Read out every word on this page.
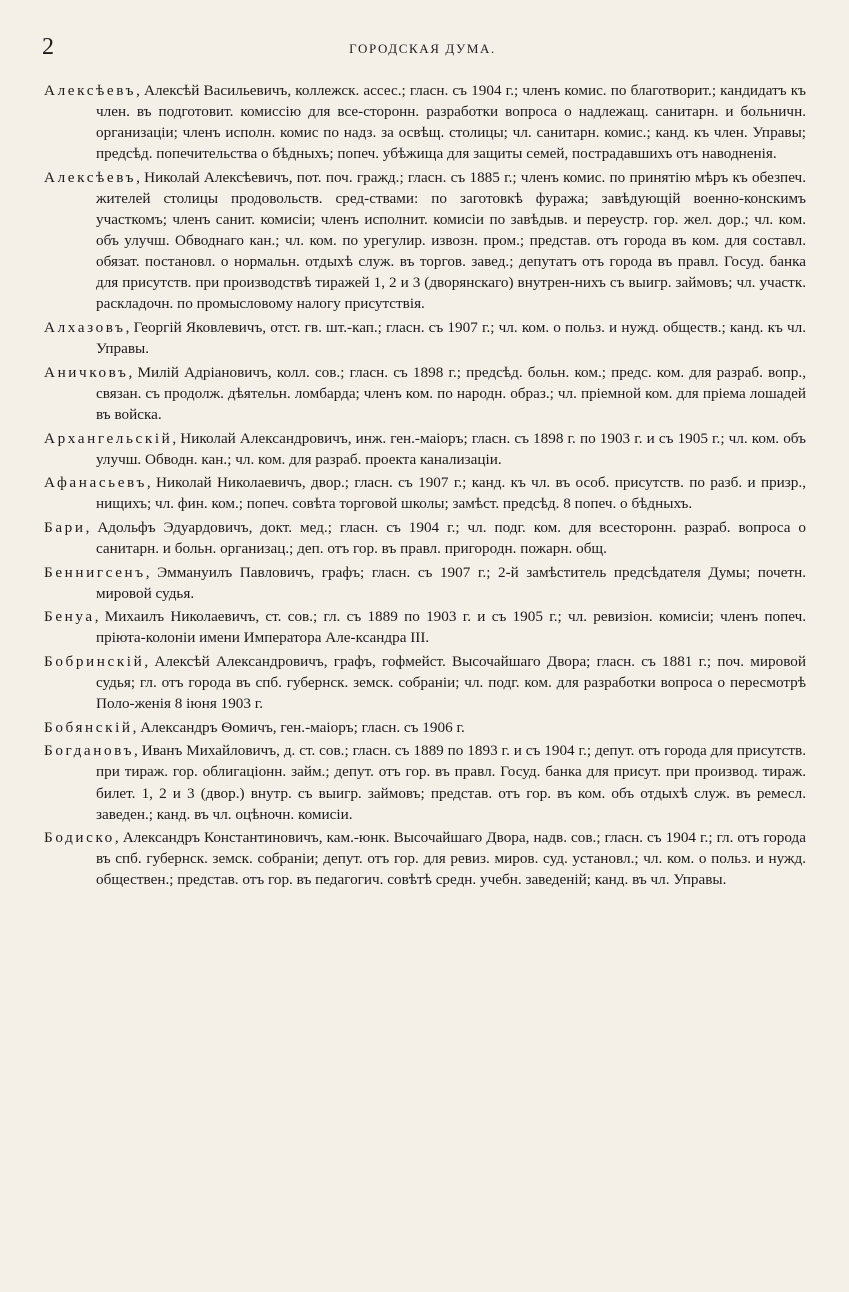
2	ГОРОДСКАЯ ДУМА.

Алексѣевъ, Алексѣй Васильевичъ, коллежск. ассес.; гласн. съ 1904 г.; членъ комис. по благотворит.; кандидатъ къ член. въ подготовит. комиссію для все-сторонн. разработки вопроса о надлежащ. санитарн. и больничн. организаціи; членъ исполн. комис по надз. за освѣщ. столицы; чл. санитарн. комис.; канд. къ член. Управы; предсѣд. попечительства о бѣдныхъ; попеч. убѣжища для защиты семей, пострадавшихъ отъ наводненія.

Алексѣевъ, Николай Алексѣевичъ, пот. поч. гражд.; гласн. съ 1885 г.; членъ комис. по принятію мѣръ къ обезпеч. жителей столицы продовольств. сред-ствами: по заготовкѣ фуража; завѣдующій военно-конскимъ участкомъ; членъ санит. комисіи; членъ исполнит. комисіи по завѣдыв. и переустр. гор. жел. дор.; чл. ком. объ улучш. Обводнаго кан.; чл. ком. по урегулир. извозн. пром.; представ. отъ города въ ком. для составл. обязат. постановл. о нормальн. отдыхѣ служ. въ торгов. завед.; депутатъ отъ города въ правл. Госуд. банка для присутств. при производствѣ тиражей 1, 2 и 3 (дворянскаго) внутрен-нихъ съ выигр. займовъ; чл. участк. раскладочн. по промысловому налогу присутствія.

Алхазовъ, Георгій Яковлевичъ, отст. гв. шт.-кап.; гласн. съ 1907 г.; чл. ком. о польз. и нужд. обществ.; канд. къ чл. Управы.

Аничковъ, Милій Адріановичъ, колл. сов.; гласн. съ 1898 г.; предсѣд. больн. ком.; предс. ком. для разраб. вопр., связан. съ продолж. дѣятельн. ломбарда; членъ ком. по народн. образ.; чл. пріемной ком. для пріема лошадей въ войска.

Архангельскій, Николай Александровичъ, инж. ген.-маіоръ; гласн. съ 1898 г. по 1903 г. и съ 1905 г.; чл. ком. объ улучш. Обводн. кан.; чл. ком. для разраб. проекта канализаціи.

Афанасьевъ, Николай Николаевичъ, двор.; гласн. съ 1907 г.; канд. къ чл. въ особ. присутств. по разб. и призр., нищихъ; чл. фин. ком.; попеч. совѣта торговой школы; замѣст. предсѣд. 8 попеч. о бѣдныхъ.

Бари, Адольфъ Эдуардовичъ, докт. мед.; гласн. съ 1904 г.; чл. подг. ком. для всесторонн. разраб. вопроса о санитарн. и больн. организац.; деп. отъ гор. въ правл. пригородн. пожарн. общ.

Беннигсенъ, Эммануилъ Павловичъ, графъ; гласн. съ 1907 г.; 2-й замѣститель предсѣдателя Думы; почетн. мировой судья.

Бенуа, Михаилъ Николаевичъ, ст. сов.; гл. съ 1889 по 1903 г. и съ 1905 г.; чл. ревизіон. комисіи; членъ попеч. пріюта-колоніи имени Императора Але-ксандра III.

Бобринскій, Алексѣй Александровичъ, графъ, гофмейст. Высочайшаго Двора; гласн. съ 1881 г.; поч. мировой судья; гл. отъ города въ спб. губернск. земск. собраніи; чл. подг. ком. для разработки вопроса о пересмотрѣ Поло-женія 8 іюня 1903 г.

Бобянскій, Александръ Ѳомичъ, ген.-маіоръ; гласн. съ 1906 г.

Богдановъ, Иванъ Михайловичъ, д. ст. сов.; гласн. съ 1889 по 1893 г. и съ 1904 г.; депут. отъ города для присутств. при тираж. гор. облигаціонн. займ.; депут. отъ гор. въ правл. Госуд. банка для присут. при производ. тираж. билет. 1, 2 и 3 (двор.) внутр. съ выигр. займовъ; представ. отъ гор. въ ком. объ отдыхѣ служ. въ ремесл. заведен.; канд. въ чл. оцѣночн. комисіи.

Бодиско, Александръ Константиновичъ, кам.-юнк. Высочайшаго Двора, надв. сов.; гласн. съ 1904 г.; гл. отъ города въ спб. губернск. земск. собраніи; депут. отъ гор. для ревиз. миров. суд. установл.; чл. ком. о польз. и нужд. обществен.; представ. отъ гор. въ педагогич. совѣтѣ средн. учебн. заведеній; канд. въ чл. Управы.
